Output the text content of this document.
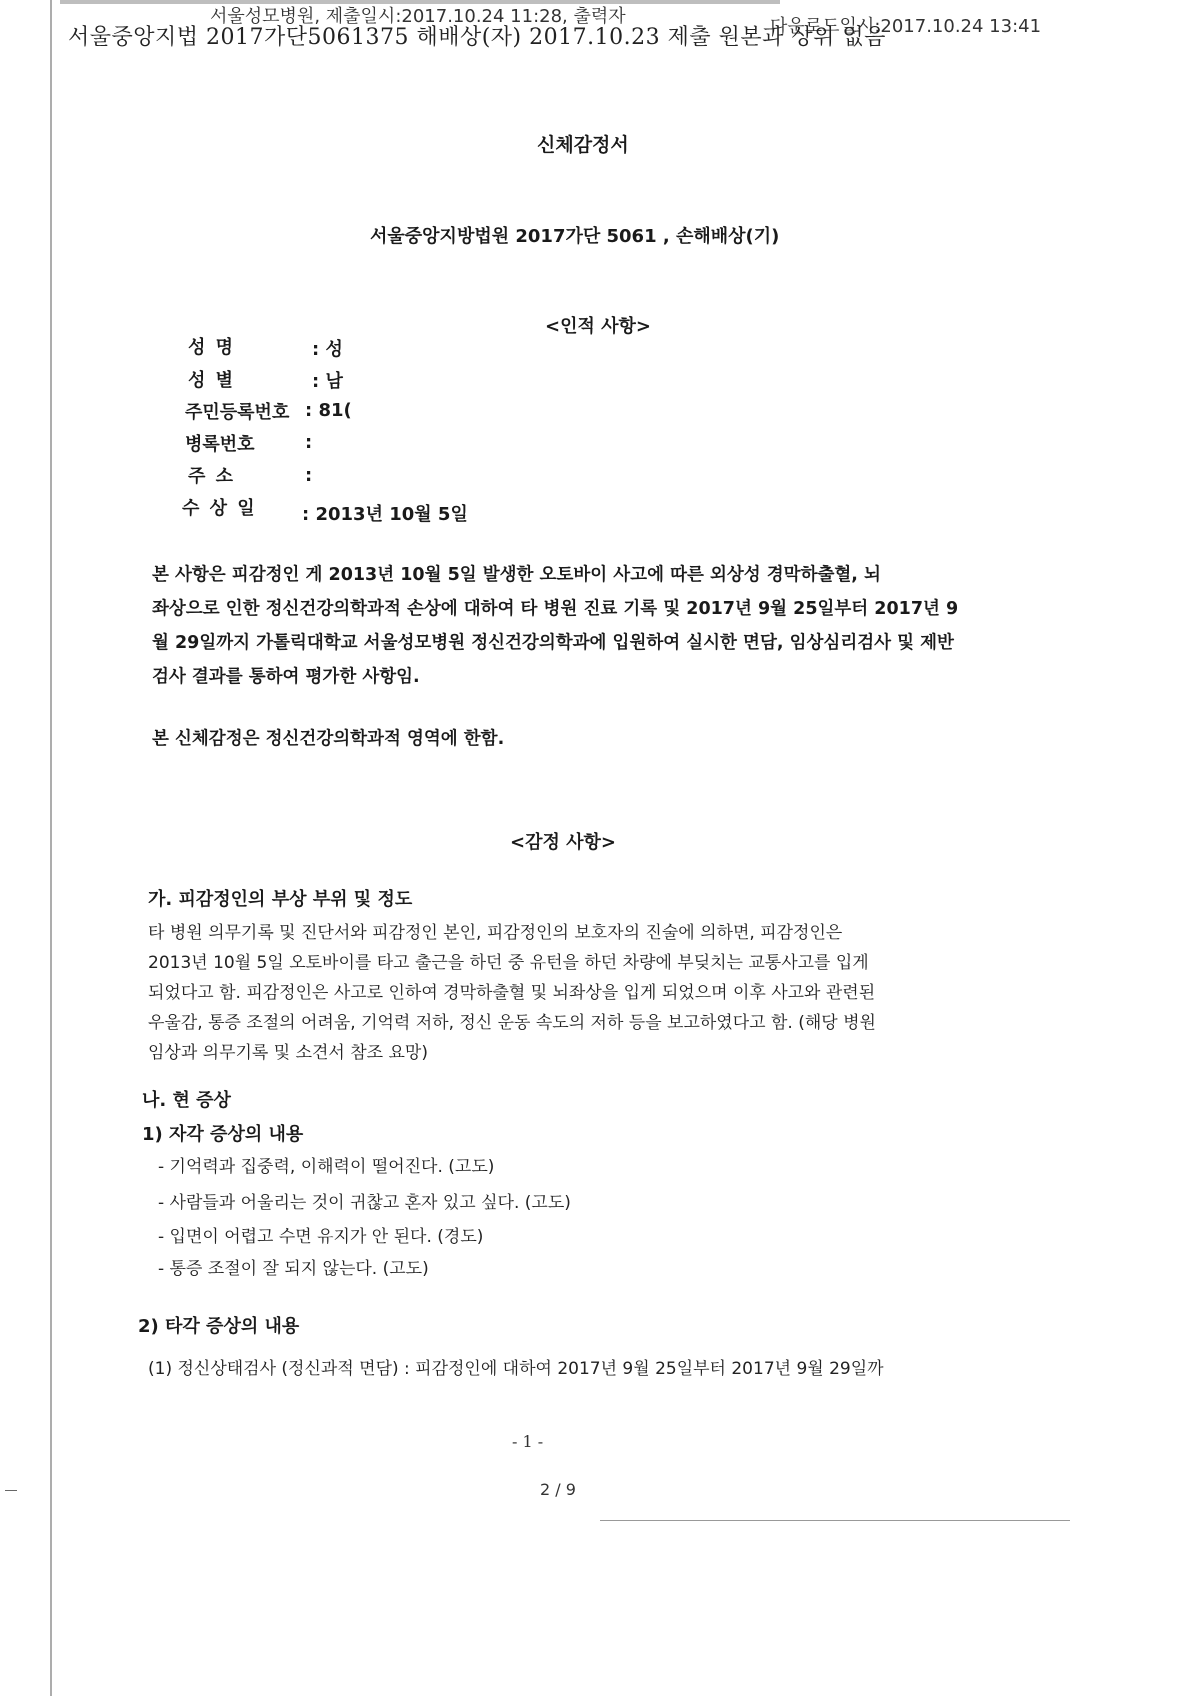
서울성모병원, 제출일시:2017.10.24 11:28, 출력자	다운로드일시:2017.10.24 13:41
서울중앙지법 2017가단5061375 해배상(자) 2017.10.23 제출 원본과 상위 없음
신체감정서
서울중앙지방법원 2017가단 5061 , 손해배상(기)
<인적 사항>
성 명	: 성
성 별	: 남
주민등록번호 : 81(
병록번호	:
주 소	:
수 상 일	: 2013년 10월 5일
본 사항은 피감정인 게 2013년 10월 5일 발생한 오토바이 사고에 따른 외상성 경막하출혈, 뇌
좌상으로 인한 정신건강의학과적 손상에 대하여 타 병원 진료 기록 및 2017년 9월 25일부터 2017년 9
월 29일까지 가톨릭대학교 서울성모병원 정신건강의학과에 입원하여 실시한 면담, 임상심리검사 및 제반
검사 결과를 통하여 평가한 사항임.
본 신체감정은 정신건강의학과적 영역에 한함.
<감정 사항>
가. 피감정인의 부상 부위 및 정도
타 병원 의무기록 및 진단서와 피감정인 본인, 피감정인의 보호자의 진술에 의하면, 피감정인은
2013년 10월 5일 오토바이를 타고 출근을 하던 중 유턴을 하던 차량에 부딪치는 교통사고를 입게
되었다고 함. 피감정인은 사고로 인하여 경막하출혈 및 뇌좌상을 입게 되었으며 이후 사고와 관련된
우울감, 통증 조절의 어려움, 기억력 저하, 정신 운동 속도의 저하 등을 보고하였다고 함. (해당 병원
임상과 의무기록 및 소견서 참조 요망)
나. 현 증상
1) 자각 증상의 내용
- 기억력과 집중력, 이해력이 떨어진다. (고도)
- 사람들과 어울리는 것이 귀찮고 혼자 있고 싶다. (고도)
- 입면이 어렵고 수면 유지가 안 된다. (경도)
- 통증 조절이 잘 되지 않는다. (고도)
2) 타각 증상의 내용
(1) 정신상태검사 (정신과적 면담) : 피감정인에 대하여 2017년 9월 25일부터 2017년 9월 29일까
- 1 -
2 / 9
